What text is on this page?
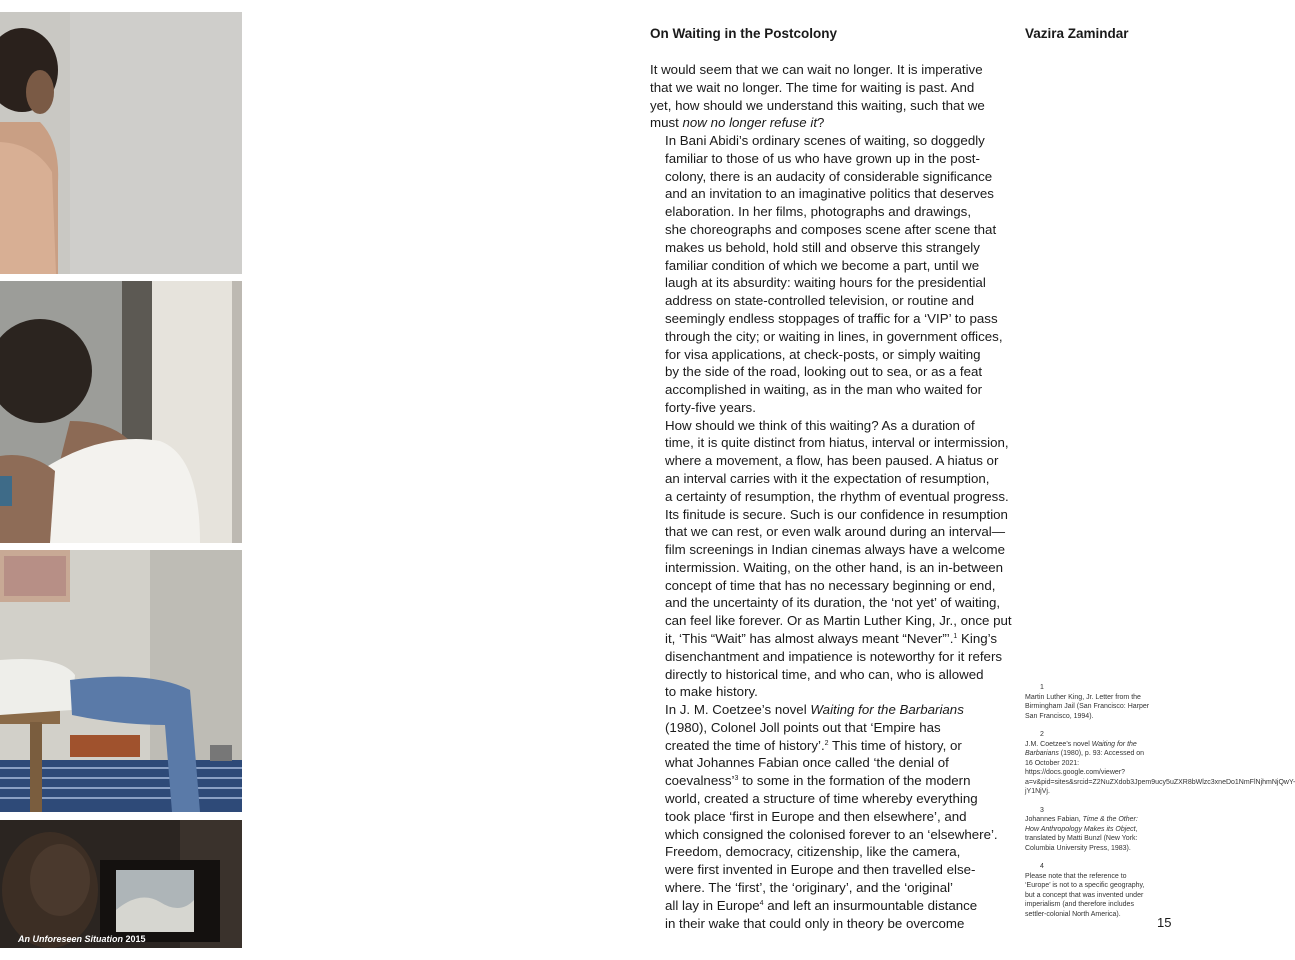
An Unforeseen Situation 2015
On Waiting in the Postcolony	Vazira Zamindar

It would seem that we can wait no longer. It is imperative
that we wait no longer. The time for waiting is past. And
yet, how should we understand this waiting, such that we
must now no longer refuse it?

In Bani Abidi’s ordinary scenes of waiting, so doggedly
familiar to those of us who have grown up in the post-
colony, there is an audacity of considerable significance
and an invitation to an imaginative politics that deserves
elaboration. In her films, photographs and drawings,
she choreographs and composes scene after scene that
makes us behold, hold still and observe this strangely
familiar condition of which we become a part, until we
laugh at its absurdity: waiting hours for the presidential
address on state-controlled television, or routine and
seemingly endless stoppages of traffic for a ‘VIP’ to pass
through the city; or waiting in lines, in government offices,
for visa applications, at check-posts, or simply waiting
by the side of the road, looking out to sea, or as a feat
accomplished in waiting, as in the man who waited for
forty-five years.

How should we think of this waiting? As a duration of
time, it is quite distinct from hiatus, interval or intermission,
where a movement, a flow, has been paused. A hiatus or
an interval carries with it the expectation of resumption,
a certainty of resumption, the rhythm of eventual progress.
Its finitude is secure. Such is our confidence in resumption
that we can rest, or even walk around during an interval—
film screenings in Indian cinemas always have a welcome
intermission. Waiting, on the other hand, is an in-between
concept of time that has no necessary beginning or end,
and the uncertainty of its duration, the ‘not yet’ of waiting,
can feel like forever. Or as Martin Luther King, Jr., once put
it, ‘This “Wait” has almost always meant “Never”’.$^1$ King’s
disenchantment and impatience is noteworthy for it refers
directly to historical time, and who can, who is allowed
to make history.

In J. M. Coetzee’s novel Waiting for the Barbarians
(1980), Colonel Joll points out that ‘Empire has
created the time of history’.$^2$ This time of history, or
what Johannes Fabian once called ‘the denial of
coevalness’$^3$ to some in the formation of the modern
world, created a structure of time whereby everything
took place ‘first in Europe and then elsewhere’, and
which consigned the colonised forever to an ‘elsewhere’.
Freedom, democracy, citizenship, like the camera,
were first invented in Europe and then travelled else-
where. The ‘first’, the ‘originary’, and the ‘original’
all lay in Europe$^4$ and left an insurmountable distance
in their wake that could only in theory be overcome

1
Martin Luther King, Jr. Letter from the Birmingham Jail (San Francisco: Harper San Francisco, 1994).
2
J.M. Coetzee’s novel Waiting for the Barbarians (1980), p. 93: Accessed on 16 October 2021: https://docs.google.com/viewer?a=v&pid=sites&srcid=Z2NuZXdob3Jpem9ucy5uZXR8bWlzc3xneDo1NmFlNjhmNjQwY-jY1NjVj.
3
Johannes Fabian, Time & the Other: How Anthropology Makes its Object, translated by Matti Bunzl (New York: Columbia University Press, 1983).
4
Please note that the reference to ‘Europe’ is not to a specific geography, but a concept that was invented under imperialism (and therefore includes settler-colonial North America).
15
